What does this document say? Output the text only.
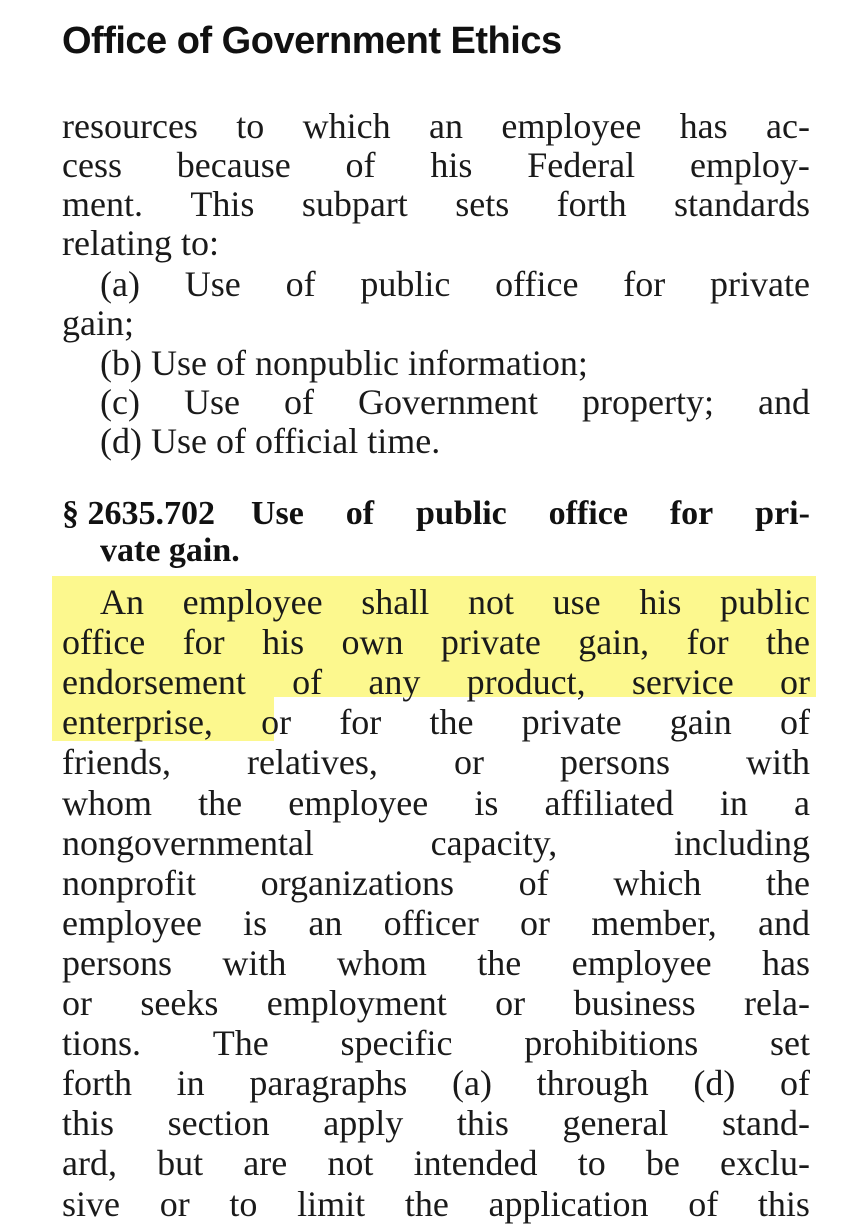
Office of Government Ethics
resources to which an employee has ac-
cess because of his Federal employ-
ment. This subpart sets forth standards
relating to:
(a) Use of public office for private
gain;
(b) Use of nonpublic information;
(c) Use of Government property; and
(d) Use of official time.
§ 2635.702 Use of public office for pri-
vate gain.
An employee shall not use his public
office for his own private gain, for the
endorsement of any product, service or
enterprise, or for the private gain of
friends, relatives, or persons with
whom the employee is affiliated in a
nongovernmental	capacity,	including
nonprofit organizations of which the
employee is an officer or member, and
persons with whom the employee has
or seeks employment or business rela-
tions. The specific prohibitions set
forth in paragraphs (a) through (d) of
this section apply this general stand-
ard, but are not intended to be exclu-
sive or to limit the application of this
